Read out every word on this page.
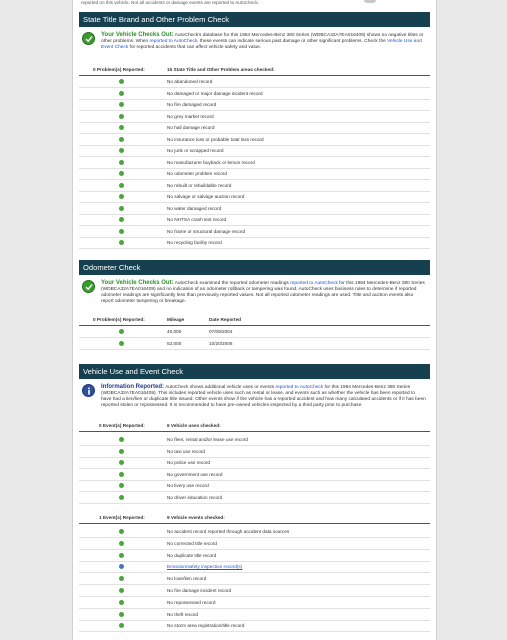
reported on this vehicle. Not all accidents or damage events are reported to AutoCheck.
State Title Brand and Other Problem Check
Your Vehicle Checks Out: AutoCheck's database for this 1984 Mercedes-Benz 380 Series (WDBCA32A7EA016409) shows no negative titles or other problems. When reported to AutoCheck, these events can indicate serious past damage or other significant problems. Check the Vehicle Use and Event Check for reported accidents that can affect vehicle safety and value.
0 Problem(s) Reported:	15 State Title and Other Problem areas checked:
No abandoned record
No damaged or major damage incident record
No fire damaged record
No grey market record
No hail damage record
No insurance loss or probable total loss record
No junk or scrapped record
No manufacturer buyback or lemon record
No odometer problem record
No rebuilt or rebuildable record
No salvage or salvage auction record
No water damaged record
No NHTSA crash test record
No frame or structural damage record
No recycling facility record
Odometer Check
Your Vehicle Checks Out: AutoCheck examined the reported odometer readings reported to AutoCheck for this 1984 Mercedes-Benz 380 Series (WDBCA32A7EA016409) and no indication of an odometer rollback or tampering was found. AutoCheck uses business rules to determine if reported odometer readings are significantly less than previously reported values. Not all reported odometer readings are used. Title and auction events also report odometer tampering or breakage.
0 Problem(s) Reported:	Mileage	Date Reported
40,000	07/09/2004
52,000	10/20/2006
Vehicle Use and Event Check
Information Reported: AutoCheck shows additional vehicle uses or events reported to AutoCheck for this 1984 Mercedes-Benz 380 Series (WDBCA32A7EA016409). This includes reported vehicle uses such as rental or lease, and events such as whether the vehicle has been reported to have had a lien/lien or duplicate title issued. Other events show if the vehicle has a reported accident and how many calculated accidents or if it has been reported stolen or repossessed. It is recommended to have pre-owned vehicles inspected by a third party prior to purchase.
0 Event(s) Reported:	6 Vehicle uses checked:
No fleet, rental and/or lease use record
No taxi use record
No police use record
No government use record
No livery use record
No driver education record
1 Event(s) Reported:	9 Vehicle events checked:
No accident record reported through accident data sources
No corrected title record
No duplicate title record
Emission/safety inspection record(s)
No loan/lien record
No fire damage incident record
No repossessed record
No theft record
No storm area registration/title record
